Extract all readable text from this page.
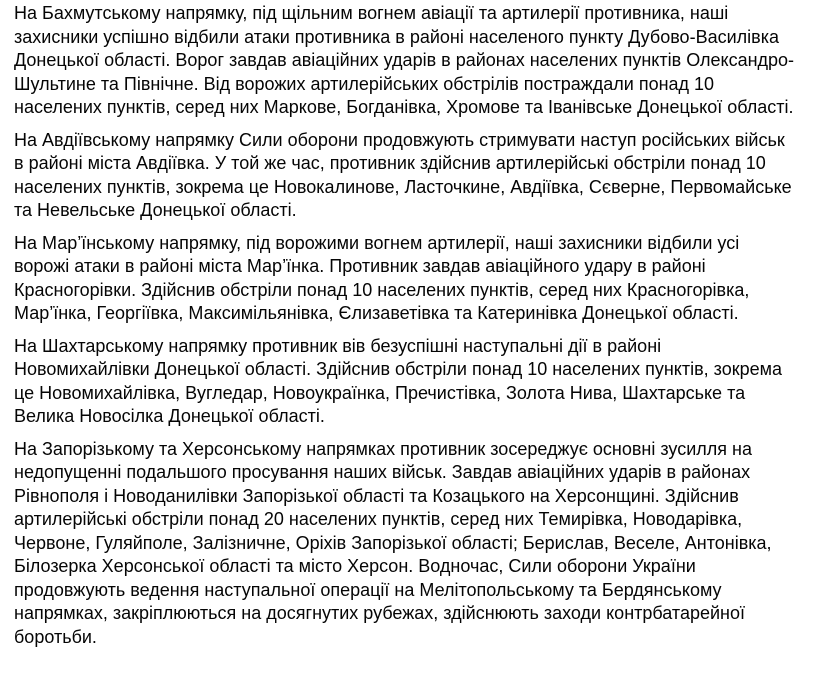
На Бахмутському напрямку, під щільним вогнем авіації та артилерії противника, наші
захисники успішно відбили атаки противника в районі населеного пункту Дубово-Василівка
Донецької області. Ворог завдав авіаційних ударів в районах населених пунктів Олександро-
Шультине та Північне. Від ворожих артилерійських обстрілів постраждали понад 10
населених пунктів, серед них Маркове, Богданівка, Хромове та Іванівське Донецької області.

На Авдіївському напрямку Сили оборони продовжують стримувати наступ російських військ
в районі міста Авдіївка. У той же час, противник здійснив артилерійські обстріли понад 10
населених пунктів, зокрема це Новокалинове, Ласточкине, Авдіївка, Сєверне, Первомайське
та Невельське Донецької області.

На Мар’їнському напрямку, під ворожими вогнем артилерії, наші захисники відбили усі
ворожі атаки в районі міста Мар’їнка. Противник завдав авіаційного удару в районі
Красногорівки. Здійснив обстріли понад 10 населених пунктів, серед них Красногорівка,
Мар’їнка, Георгіївка, Максимільянівка, Єлизаветівка та Катеринівка Донецької області.

На Шахтарському напрямку противник вів безуспішні наступальні дії в районі
Новомихайлівки Донецької області. Здійснив обстріли понад 10 населених пунктів, зокрема
це Новомихайлівка, Вугледар, Новоукраїнка, Пречистівка, Золота Нива, Шахтарське та
Велика Новосілка Донецької області.

На Запорізькому та Херсонському напрямках противник зосереджує основні зусилля на
недопущенні подальшого просування наших військ. Завдав авіаційних ударів в районах
Рівнополя і Новоданилівки Запорізької області та Козацького на Херсонщині. Здійснив
артилерійські обстріли понад 20 населених пунктів, серед них Темирівка, Новодарівка,
Червоне, Гуляйполе, Залізничне, Оріхів Запорізької області; Берислав, Веселе, Антонівка,
Білозерка Херсонської області та місто Херсон. Водночас, Сили оборони України
продовжують ведення наступальної операції на Мелітопольському та Бердянському
напрямках, закріплюються на досягнутих рубежах, здійснюють заходи контрбатарейної
боротьби.
